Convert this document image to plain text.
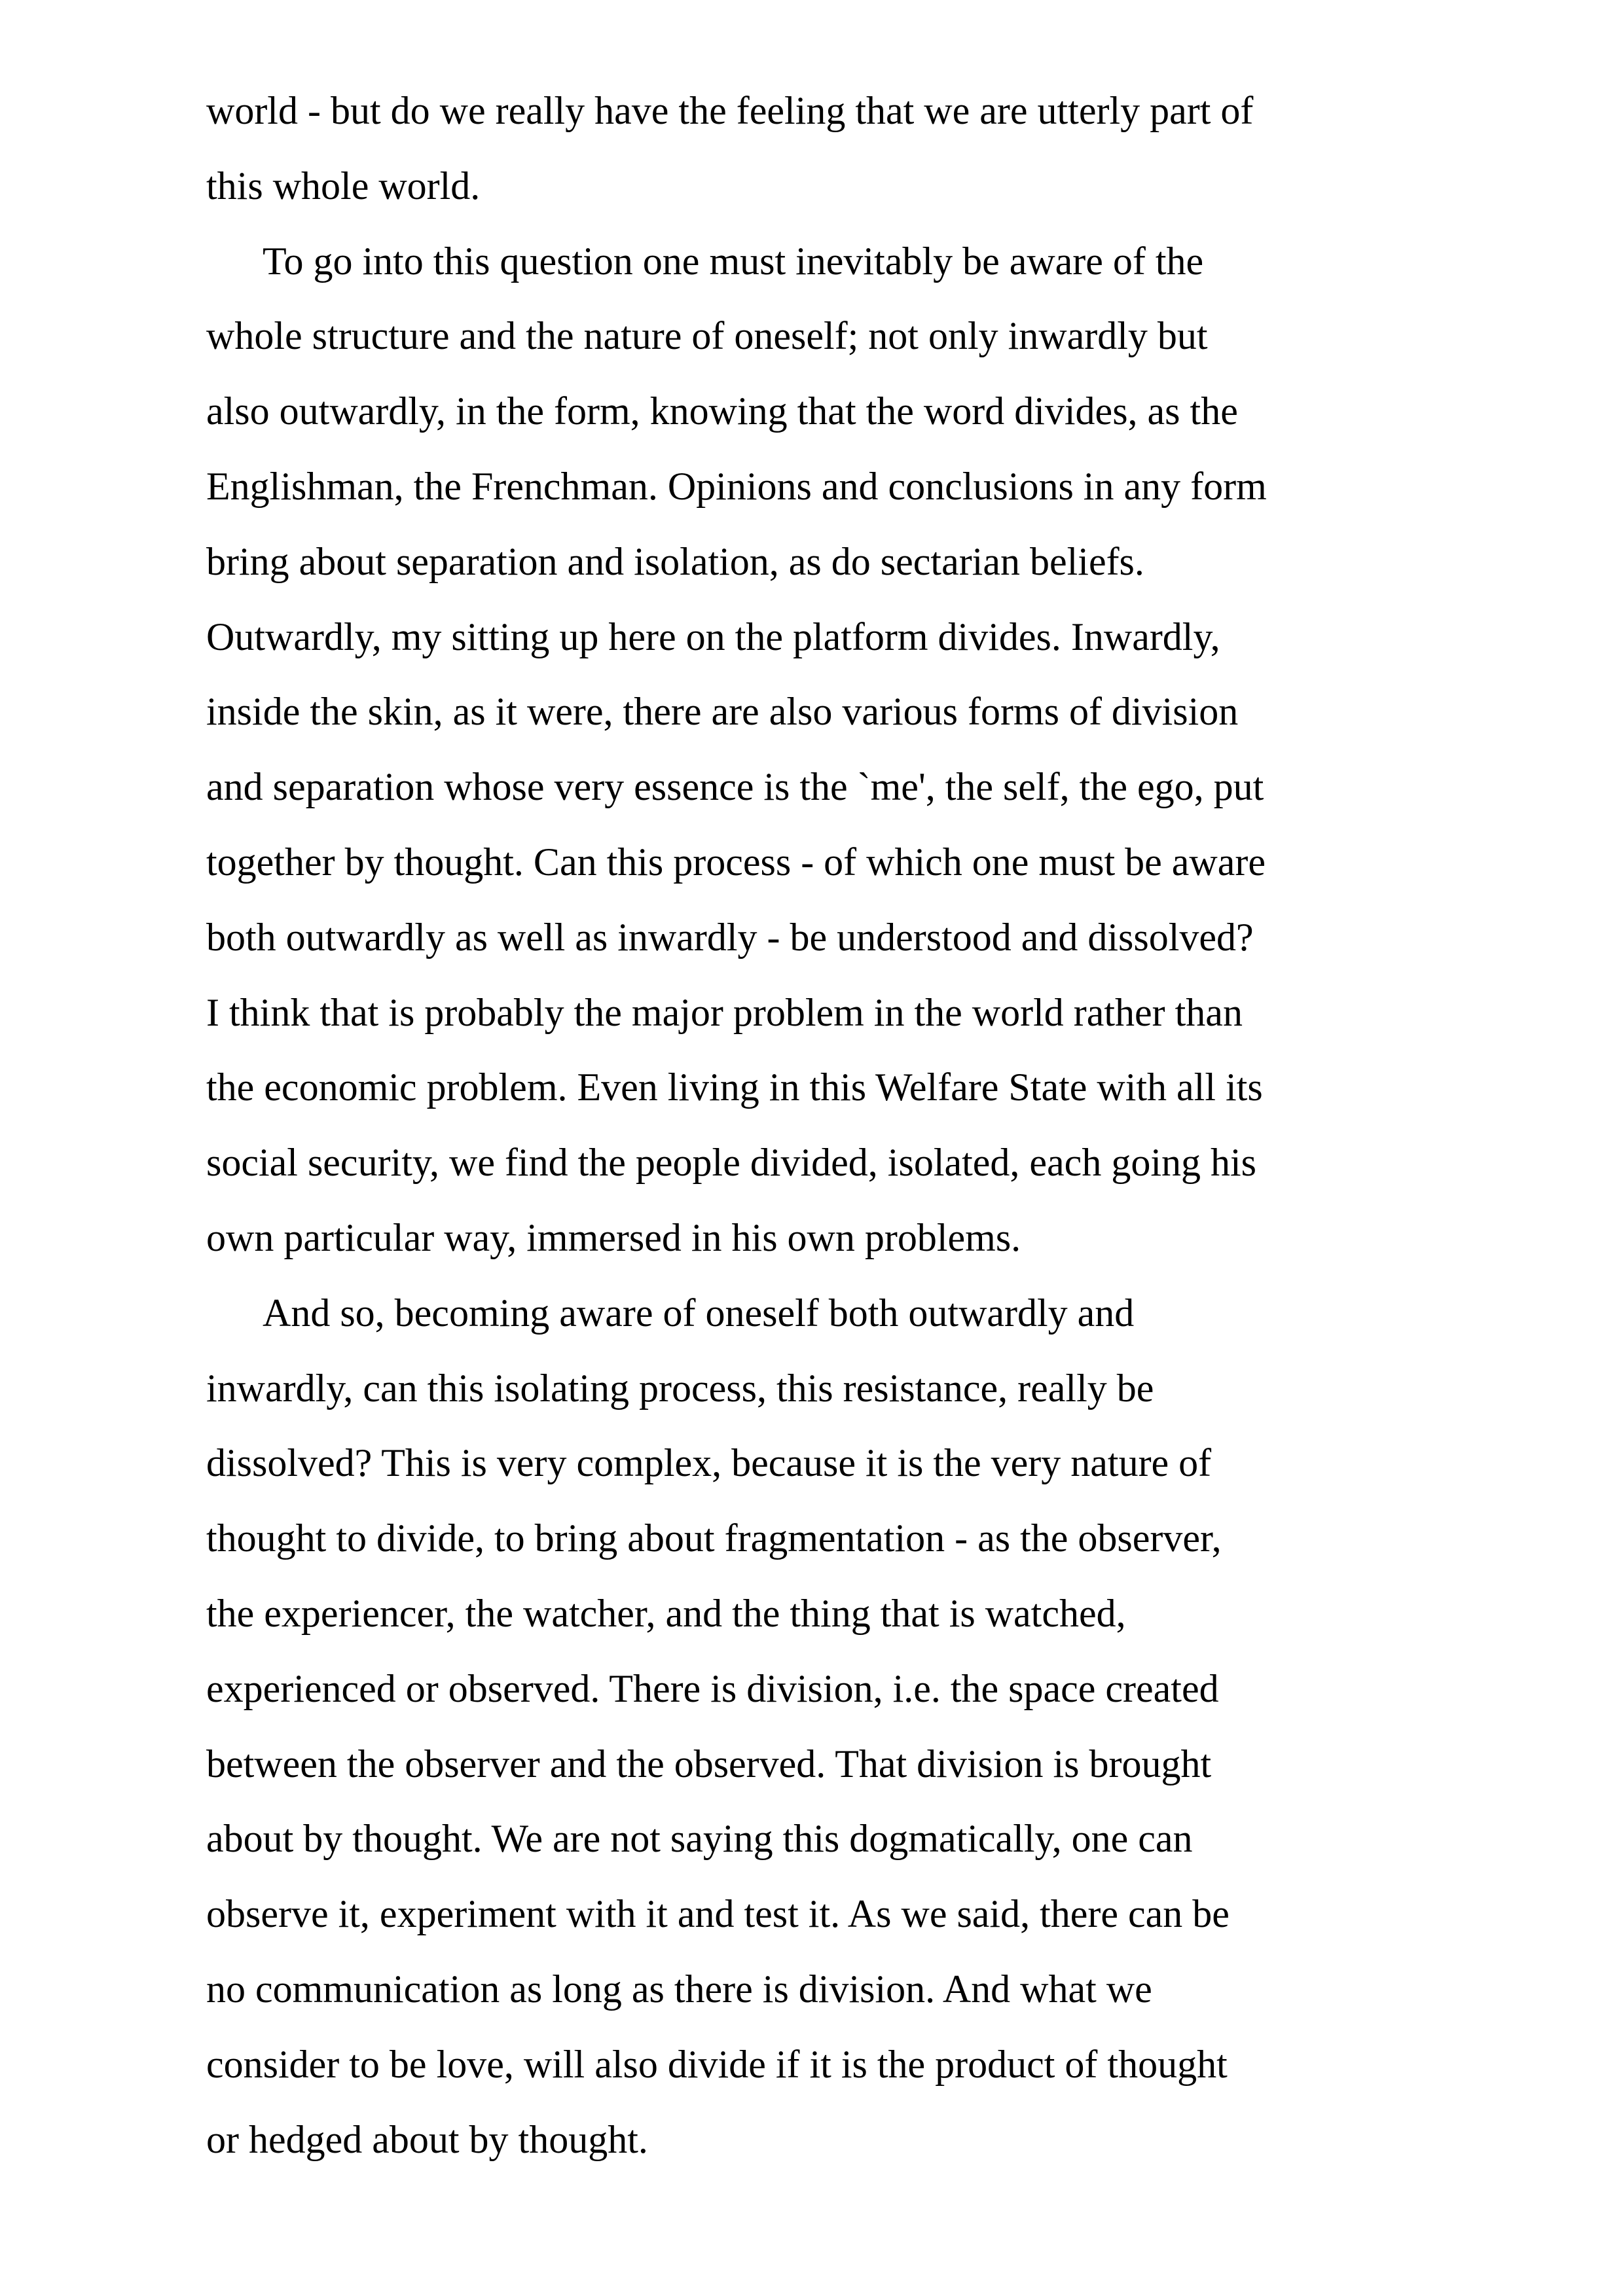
world - but do we really have the feeling that we are utterly part of
this whole world.
To go into this question one must inevitably be aware of the
whole structure and the nature of oneself; not only inwardly but
also outwardly, in the form, knowing that the word divides, as the
Englishman, the Frenchman. Opinions and conclusions in any form
bring about separation and isolation, as do sectarian beliefs.
Outwardly, my sitting up here on the platform divides. Inwardly,
inside the skin, as it were, there are also various forms of division
and separation whose very essence is the `me', the self, the ego, put
together by thought. Can this process - of which one must be aware
both outwardly as well as inwardly - be understood and dissolved?
I think that is probably the major problem in the world rather than
the economic problem. Even living in this Welfare State with all its
social security, we find the people divided, isolated, each going his
own particular way, immersed in his own problems.
And so, becoming aware of oneself both outwardly and
inwardly, can this isolating process, this resistance, really be
dissolved? This is very complex, because it is the very nature of
thought to divide, to bring about fragmentation - as the observer,
the experiencer, the watcher, and the thing that is watched,
experienced or observed. There is division, i.e. the space created
between the observer and the observed. That division is brought
about by thought. We are not saying this dogmatically, one can
observe it, experiment with it and test it. As we said, there can be
no communication as long as there is division. And what we
consider to be love, will also divide if it is the product of thought
or hedged about by thought.
